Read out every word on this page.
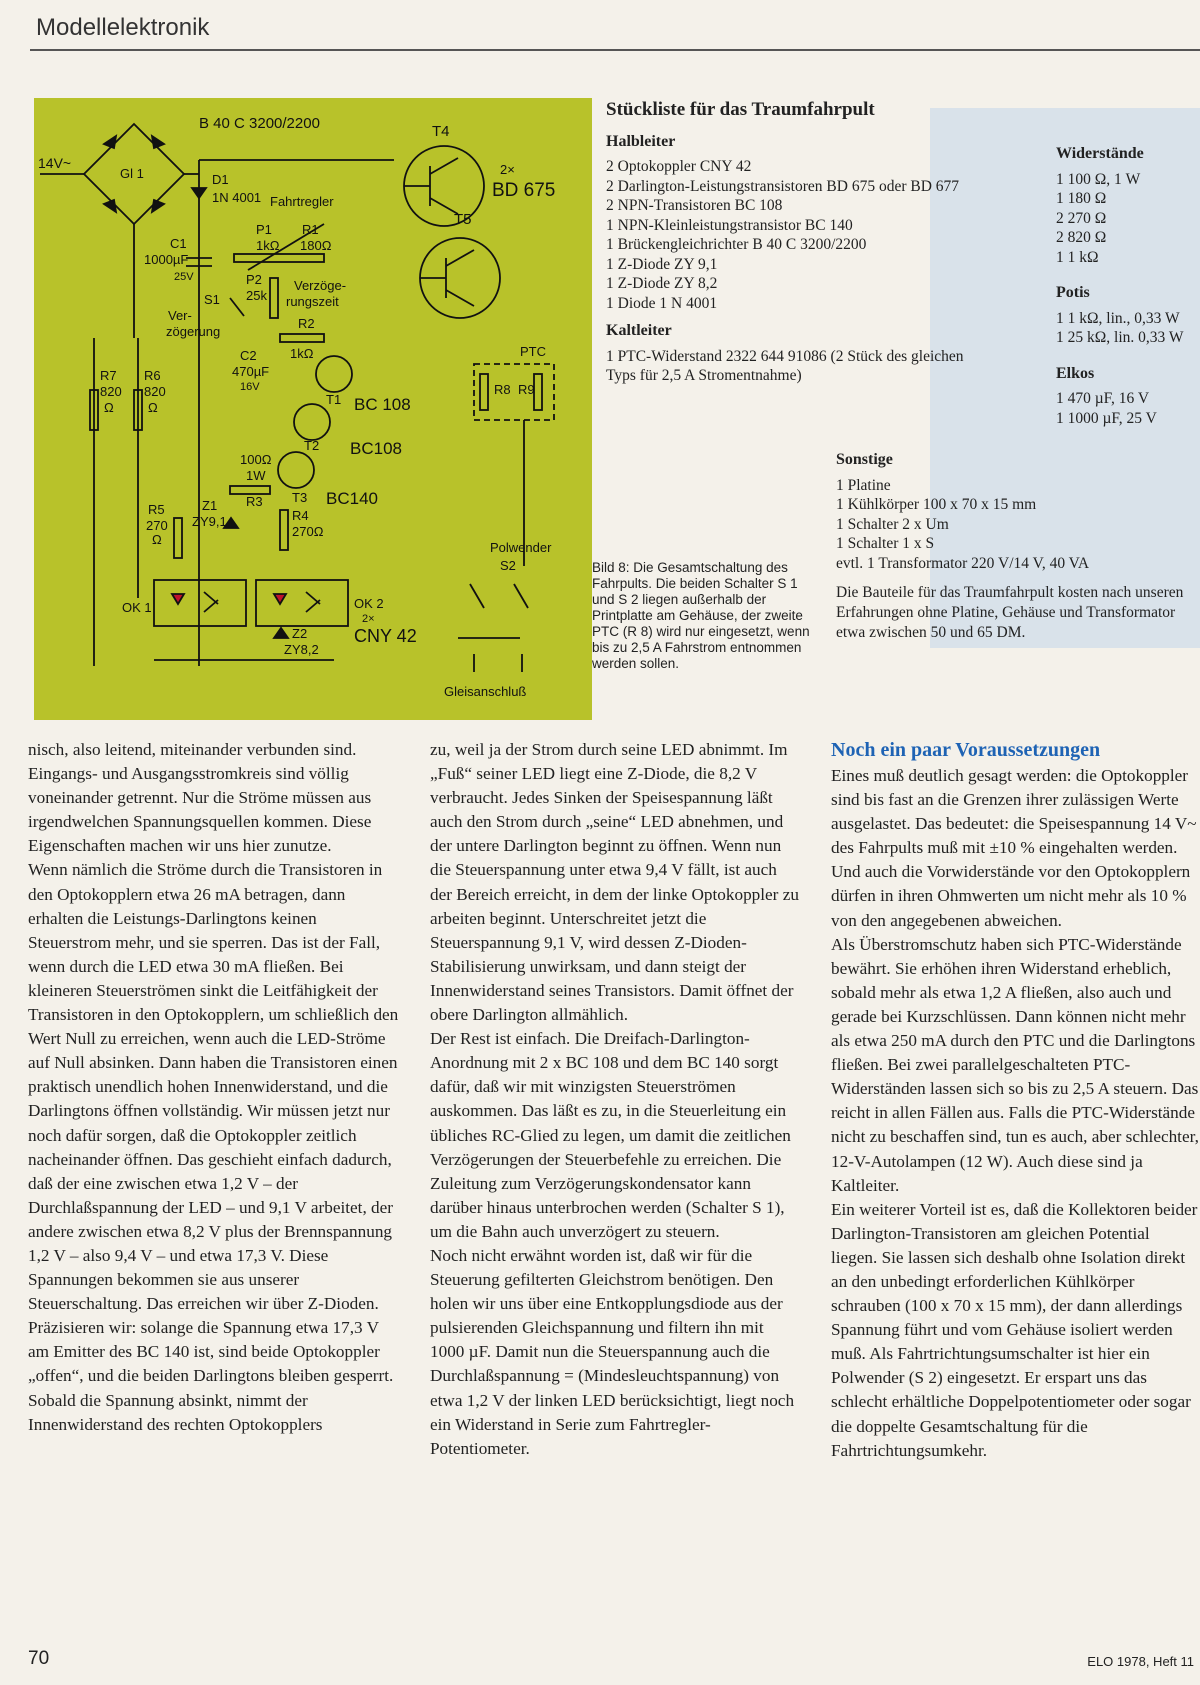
Modellelektronik
B 40 C 3200/2200
14V~
Gl 1
T4
2×
BD 675
T5
D1
1N 4001 Fahrtregler
C1
1000µF
25V
P1
1kΩ
R1
180Ω
P2
25k
Verzöge-
rungszeit
S1
Ver-
zögerung
R2
1kΩ
C2
470µF
16V
T1 BC 108
T2 BC108
T3 BC140
100Ω
1W
R3
R7
820
Ω
R6
820
Ω
R5
270
Ω
Z1
ZY9,1	R4
270Ω
PTC
R8 R9
Polwender
S2
OK 1	OK 2
2×
CNY 42
Z2
ZY8,2
Gleisanschluß
Bild 8: Die Gesamtschaltung des Fahrpults. Die beiden Schalter S 1 und S 2 liegen außerhalb der Printplatte am Gehäuse, der zweite PTC (R 8) wird nur eingesetzt, wenn bis zu 2,5 A Fahrstrom entnommen werden sollen.
Stückliste für das Traumfahrpult
Halbleiter
2 Optokoppler CNY 42
2 Darlington-Leistungstransistoren BD 675 oder BD 677
2 NPN-Transistoren BC 108
1 NPN-Kleinleistungstransistor BC 140
1 Brückengleichrichter B 40 C 3200/2200
1 Z-Diode ZY 9,1
1 Z-Diode ZY 8,2
1 Diode 1 N 4001
Kaltleiter
1 PTC-Widerstand 2322 644 91086 (2 Stück des gleichen Typs für 2,5 A Stromentnahme)
Widerstände
1 100 Ω, 1 W
1 180 Ω
2 270 Ω
2 820 Ω
1 1 kΩ
Potis
1 1 kΩ, lin., 0,33 W
1 25 kΩ, lin. 0,33 W
Elkos
1 470 µF, 16 V
1 1000 µF, 25 V
Sonstige
1 Platine
1 Kühlkörper 100 x 70 x 15 mm
1 Schalter 2 x Um
1 Schalter 1 x S
evtl. 1 Transformator 220 V/14 V, 40 VA

Die Bauteile für das Traumfahrpult kosten nach unseren Erfahrungen ohne Platine, Gehäuse und Transformator etwa zwischen 50 und 65 DM.

nisch, also leitend, miteinander verbunden sind. Eingangs- und Ausgangsstromkreis sind völlig voneinander getrennt. Nur die Ströme müssen aus irgendwelchen Spannungsquellen kommen. Diese Eigenschaften machen wir uns hier zunutze.

Wenn nämlich die Ströme durch die Transistoren in den Optokopplern etwa 26 mA betragen, dann erhalten die Leistungs-Darlingtons keinen Steuerstrom mehr, und sie sperren. Das ist der Fall, wenn durch die LED etwa 30 mA fließen. Bei kleineren Steuerströmen sinkt die Leitfähigkeit der Transistoren in den Optokopplern, um schließlich den Wert Null zu erreichen, wenn auch die LED-Ströme auf Null absinken. Dann haben die Transistoren einen praktisch unendlich hohen Innenwiderstand, und die Darlingtons öffnen vollständig. Wir müssen jetzt nur noch dafür sorgen, daß die Optokoppler zeitlich nacheinander öffnen. Das geschieht einfach dadurch, daß der eine zwischen etwa 1,2 V – der Durchlaßspannung der LED – und 9,1 V arbeitet, der andere zwischen etwa 8,2 V plus der Brennspannung 1,2 V – also 9,4 V – und etwa 17,3 V. Diese Spannungen bekommen sie aus unserer Steuerschaltung. Das erreichen wir über Z-Dioden.

Präzisieren wir: solange die Spannung etwa 17,3 V am Emitter des BC 140 ist, sind beide Optokoppler „offen“, und die beiden Darlingtons bleiben gesperrt. Sobald die Spannung absinkt, nimmt der Innenwiderstand des rechten Optokopplers

zu, weil ja der Strom durch seine LED abnimmt. Im „Fuß“ seiner LED liegt eine Z-Diode, die 8,2 V verbraucht. Jedes Sinken der Speisespannung läßt auch den Strom durch „seine“ LED abnehmen, und der untere Darlington beginnt zu öffnen. Wenn nun die Steuerspannung unter etwa 9,4 V fällt, ist auch der Bereich erreicht, in dem der linke Optokoppler zu arbeiten beginnt. Unterschreitet jetzt die Steuerspannung 9,1 V, wird dessen Z-Dioden-Stabilisierung unwirksam, und dann steigt der Innenwiderstand seines Transistors. Damit öffnet der obere Darlington allmählich.

Der Rest ist einfach. Die Dreifach-Darlington-Anordnung mit 2 x BC 108 und dem BC 140 sorgt dafür, daß wir mit winzigsten Steuerströmen auskommen. Das läßt es zu, in die Steuerleitung ein übliches RC-Glied zu legen, um damit die zeitlichen Verzögerungen der Steuerbefehle zu erreichen. Die Zuleitung zum Verzögerungskondensator kann darüber hinaus unterbrochen werden (Schalter S 1), um die Bahn auch unverzögert zu steuern.

Noch nicht erwähnt worden ist, daß wir für die Steuerung gefilterten Gleichstrom benötigen. Den holen wir uns über eine Entkopplungsdiode aus der pulsierenden Gleichspannung und filtern ihn mit 1000 µF. Damit nun die Steuerspannung auch die Durchlaßspannung = (Mindesleuchtspannung) von etwa 1,2 V der linken LED berücksichtigt, liegt noch ein Widerstand in Serie zum Fahrtregler-Potentiometer.

Noch ein paar Voraussetzungen

Eines muß deutlich gesagt werden: die Optokoppler sind bis fast an die Grenzen ihrer zulässigen Werte ausgelastet. Das bedeutet: die Speisespannung 14 V~ des Fahrpults muß mit ±10 % eingehalten werden. Und auch die Vorwiderstände vor den Optokopplern dürfen in ihren Ohmwerten um nicht mehr als 10 % von den angegebenen abweichen.

Als Überstromschutz haben sich PTC-Widerstände bewährt. Sie erhöhen ihren Widerstand erheblich, sobald mehr als etwa 1,2 A fließen, also auch und gerade bei Kurzschlüssen. Dann können nicht mehr als etwa 250 mA durch den PTC und die Darlingtons fließen. Bei zwei parallelgeschalteten PTC-Widerständen lassen sich so bis zu 2,5 A steuern. Das reicht in allen Fällen aus. Falls die PTC-Widerstände nicht zu beschaffen sind, tun es auch, aber schlechter, 12-V-Autolampen (12 W). Auch diese sind ja Kaltleiter.

Ein weiterer Vorteil ist es, daß die Kollektoren beider Darlington-Transistoren am gleichen Potential liegen. Sie lassen sich deshalb ohne Isolation direkt an den unbedingt erforderlichen Kühlkörper schrauben (100 x 70 x 15 mm), der dann allerdings Spannung führt und vom Gehäuse isoliert werden muß. Als Fahrtrichtungsumschalter ist hier ein Polwender (S 2) eingesetzt. Er erspart uns das schlecht erhältliche Doppelpotentiometer oder sogar die doppelte Gesamtschaltung für die Fahrtrichtungsumkehr.

70	ELO 1978, Heft 11
